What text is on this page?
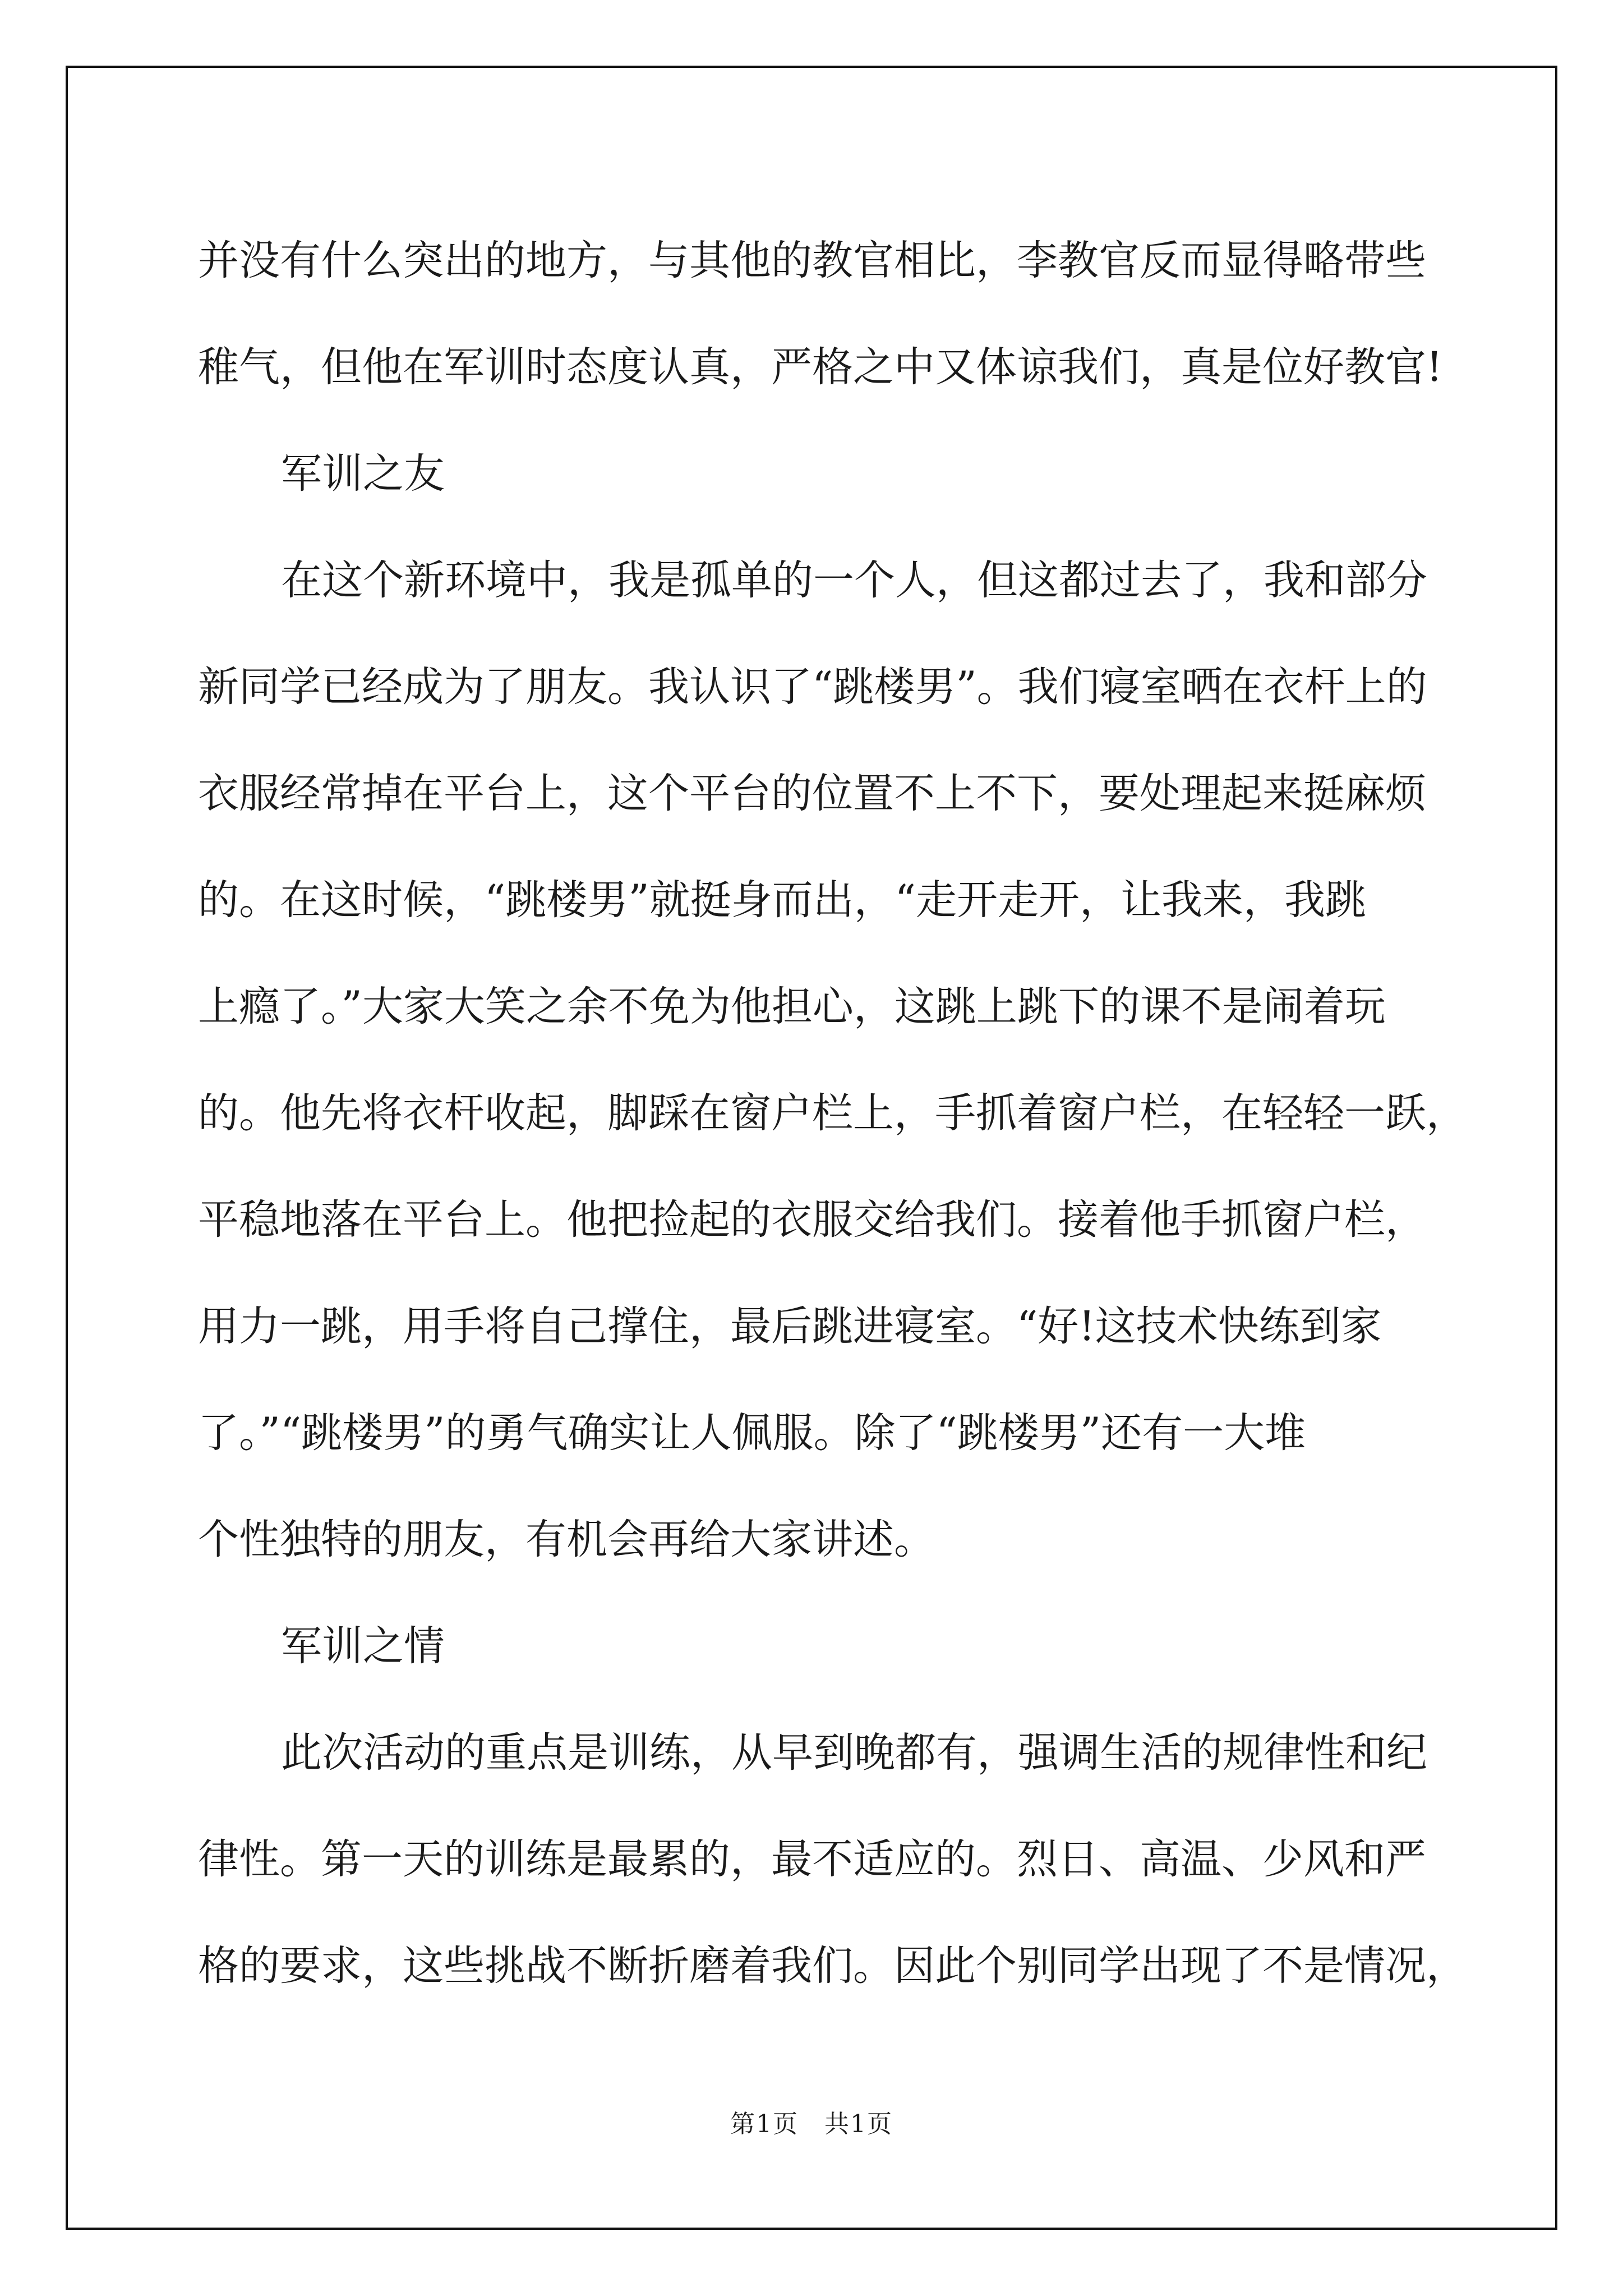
并没有什么突出的地方，与其他的教官相比，李教官反而显得略带些
稚气，但他在军训时态度认真，严格之中又体谅我们，真是位好教官!
军训之友
在这个新环境中，我是孤单的一个人，但这都过去了，我和部分
新同学已经成为了朋友。我认识了“跳楼男”。我们寝室晒在衣杆上的
衣服经常掉在平台上，这个平台的位置不上不下，要处理起来挺麻烦
的。在这时候，“跳楼男”就挺身而出，“走开走开，让我来，我跳
上瘾了。”大家大笑之余不免为他担心，这跳上跳下的课不是闹着玩
的。他先将衣杆收起，脚踩在窗户栏上，手抓着窗户栏，在轻轻一跃，
平稳地落在平台上。他把捡起的衣服交给我们。接着他手抓窗户栏，
用力一跳，用手将自己撑住，最后跳进寝室。“好!这技术快练到家
了。”“跳楼男”的勇气确实让人佩服。除了“跳楼男”还有一大堆
个性独特的朋友，有机会再给大家讲述。
军训之情
此次活动的重点是训练，从早到晚都有，强调生活的规律性和纪
律性。第一天的训练是最累的，最不适应的。烈日、高温、少风和严
格的要求，这些挑战不断折磨着我们。因此个别同学出现了不是情况，
第1页　共1页
